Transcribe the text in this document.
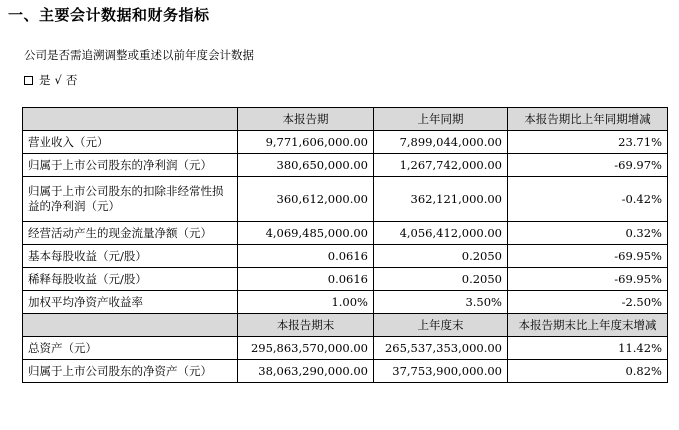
一、主要会计数据和财务指标
公司是否需追溯调整或重述以前年度会计数据
是 √ 否
	本报告期	上年同期	本报告期比上年同期增减
营业收入（元）	9,771,606,000.00	7,899,044,000.00	23.71%
归属于上市公司股东的净利润（元）	380,650,000.00	1,267,742,000.00	-69.97%
归属于上市公司股东的扣除非经常性损益的净利润（元）	360,612,000.00	362,121,000.00	-0.42%
经营活动产生的现金流量净额（元）	4,069,485,000.00	4,056,412,000.00	0.32%
基本每股收益（元/股）	0.0616	0.2050	-69.95%
稀释每股收益（元/股）	0.0616	0.2050	-69.95%
加权平均净资产收益率	1.00%	3.50%	-2.50%
	本报告期末	上年度末	本报告期末比上年度末增减
总资产（元）	295,863,570,000.00	265,537,353,000.00	11.42%
归属于上市公司股东的净资产（元）	38,063,290,000.00	37,753,900,000.00	0.82%
